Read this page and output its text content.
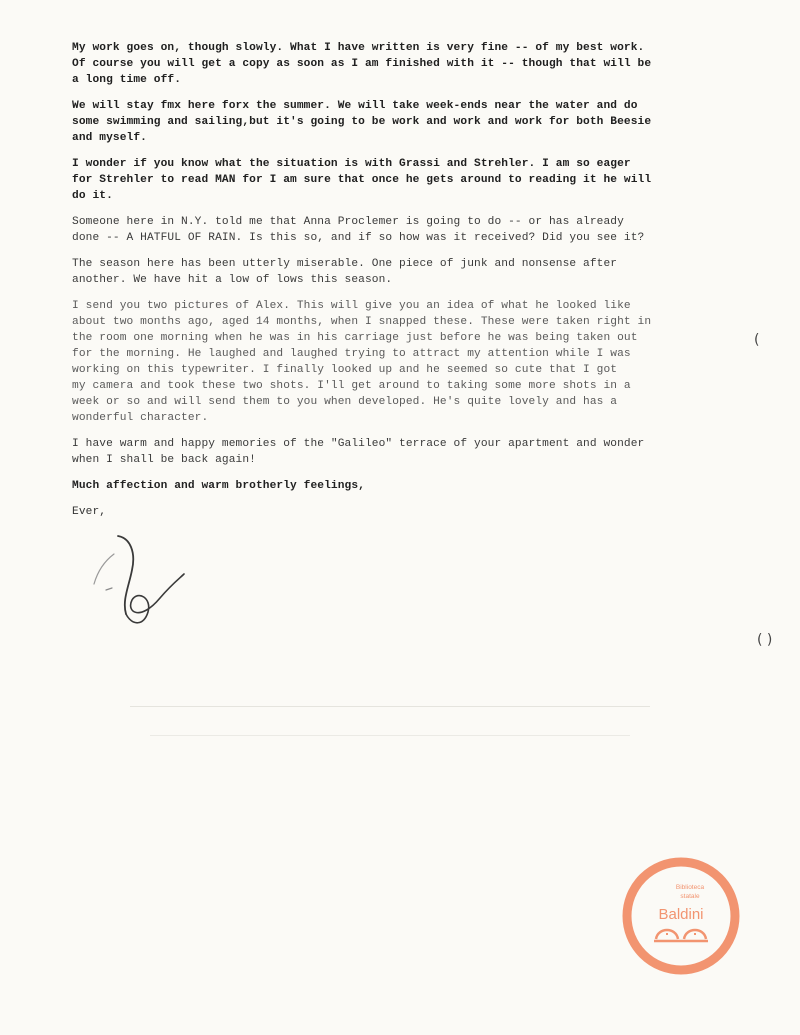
My work goes on, though slowly. What I have written is very fine -- of my best work.
Of course you will get a copy as soon as I am finished with it -- though that will be
a long time off.

We will stay fmx here forx the summer. We will take week-ends near the water and do
some swimming and sailing,but it's going to be work and work and work for both Beesie
and myself.

I wonder if you know what the situation is with Grassi and Strehler. I am so eager
for Strehler to read MAN for I am sure that once he gets around to reading it he will
do it.

Someone here in N.Y. told me that Anna Proclemer is going to do -- or has already
done -- A HATFUL OF RAIN. Is this so, and if so how was it received? Did you see it?

The season here has been utterly miserable. One piece of junk and nonsense after
another. We have hit a low of lows this season.

I send you two pictures of Alex. This will give you an idea of what he looked like
about two months ago, aged 14 months, when I snapped these. These were taken right in
the room one morning when he was in his carriage just before he was being taken out
for the morning. He laughed and laughed trying to attract my attention while I was
working on this typewriter. I finally looked up and he seemed so cute that I got
my camera and took these two shots. I'll get around to taking some more shots in a
week or so and will send them to you when developed. He's quite lovely and has a
wonderful character.

I have warm and happy memories of the "Galileo" terrace of your apartment and wonder
when I shall be back again!

Much affection and warm brotherly feelings,

Ever,

(
( )
Biblioteca
statale
Baldini
